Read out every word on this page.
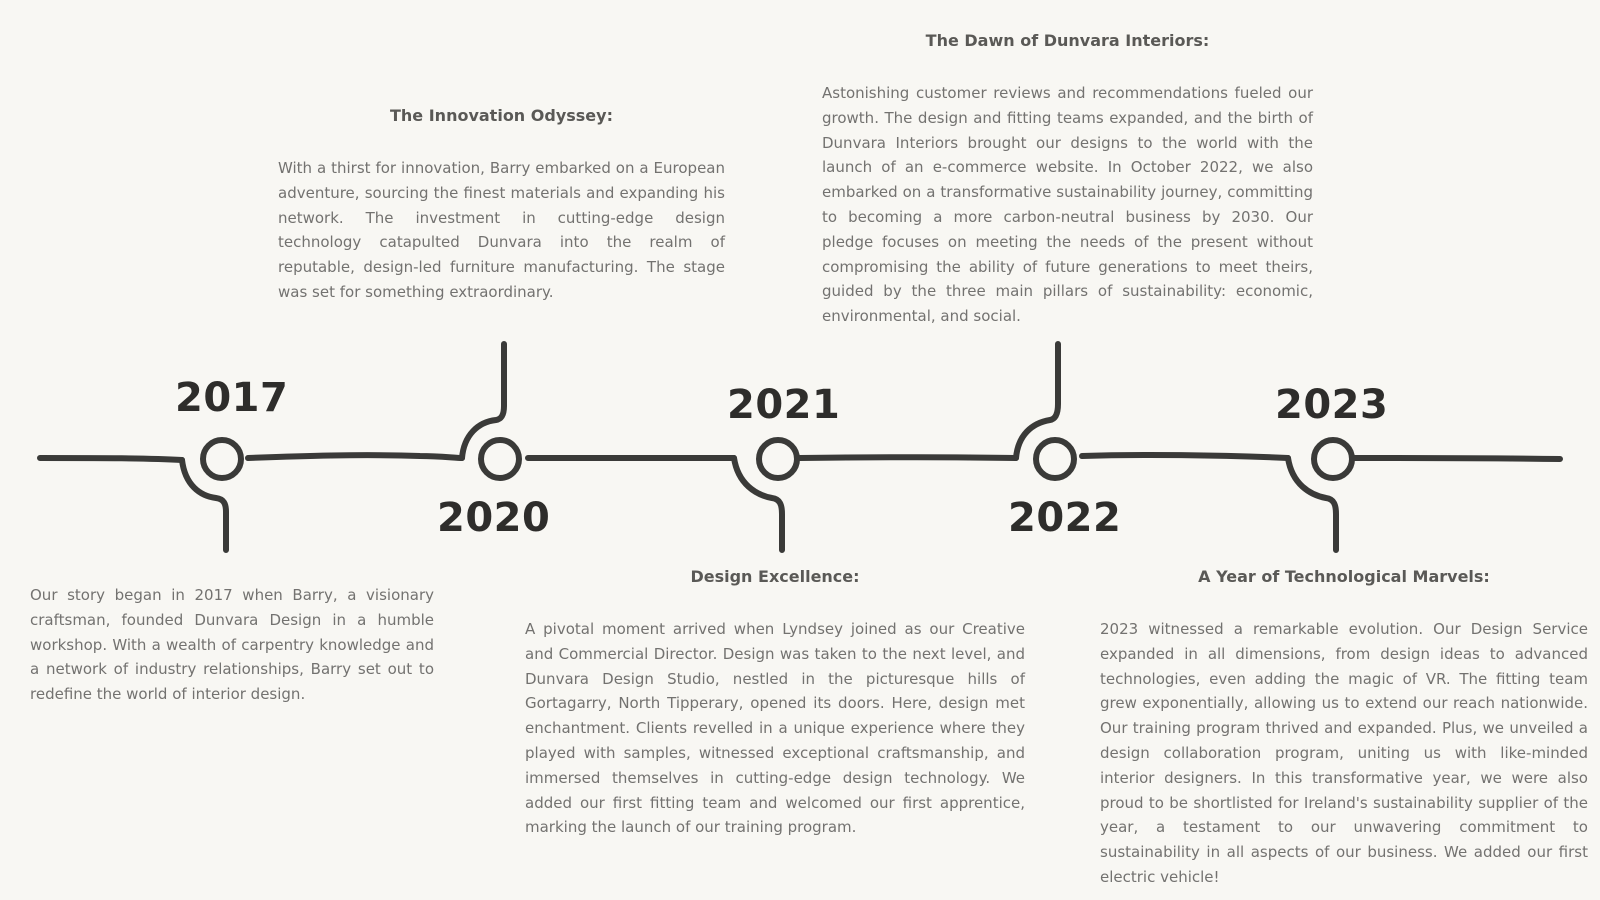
2017
2020
2021
2022
2023

Our story began in 2017 when Barry, a visionary craftsman, founded Dunvara Design in a humble workshop. With a wealth of carpentry knowledge and a network of industry relationships, Barry set out to redefine the world of interior design.

The Innovation Odyssey:

With a thirst for innovation, Barry embarked on a European adventure, sourcing the finest materials and expanding his network. The investment in cutting-edge design technology catapulted Dunvara into the realm of reputable, design-led furniture manufacturing. The stage was set for something extraordinary.

Design Excellence:

A pivotal moment arrived when Lyndsey joined as our Creative and Commercial Director. Design was taken to the next level, and Dunvara Design Studio, nestled in the picturesque hills of Gortagarry, North Tipperary, opened its doors. Here, design met enchantment. Clients revelled in a unique experience where they played with samples, witnessed exceptional craftsmanship, and immersed themselves in cutting-edge design technology. We added our first fitting team and welcomed our first apprentice, marking the launch of our training program.

The Dawn of Dunvara Interiors:

Astonishing customer reviews and recommendations fueled our growth. The design and fitting teams expanded, and the birth of Dunvara Interiors brought our designs to the world with the launch of an e-commerce website. In October 2022, we also embarked on a transformative sustainability journey, committing to becoming a more carbon-neutral business by 2030. Our pledge focuses on meeting the needs of the present without compromising the ability of future generations to meet theirs, guided by the three main pillars of sustainability: economic, environmental, and social.

A Year of Technological Marvels:

2023 witnessed a remarkable evolution. Our Design Service expanded in all dimensions, from design ideas to advanced technologies, even adding the magic of VR. The fitting team grew exponentially, allowing us to extend our reach nationwide. Our training program thrived and expanded. Plus, we unveiled a design collaboration program, uniting us with like-minded interior designers. In this transformative year, we were also proud to be shortlisted for Ireland's sustainability supplier of the year, a testament to our unwavering commitment to sustainability in all aspects of our business. We added our first electric vehicle!
